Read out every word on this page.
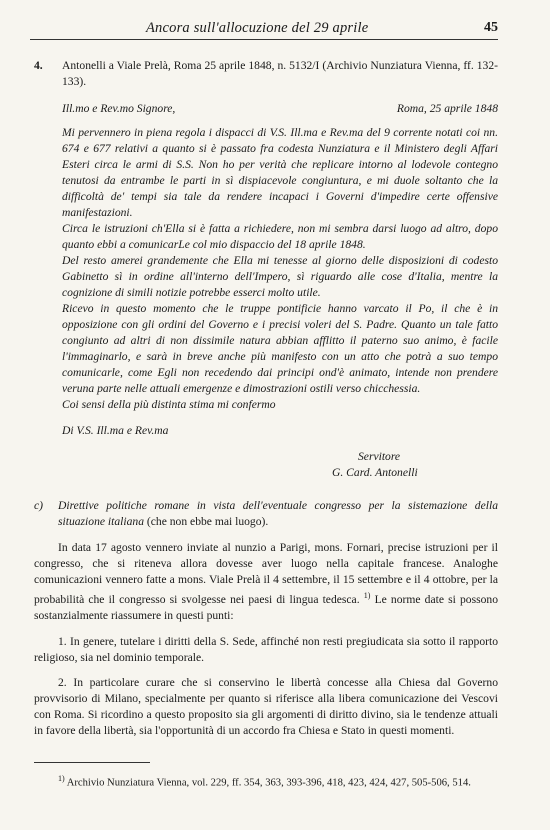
Ancora sull'allocuzione del 29 aprile	45
4. Antonelli a Viale Prelà, Roma 25 aprile 1848, n. 5132/I (Archivio Nunziatura Vienna, ff. 132-133).
Ill.mo e Rev.mo Signore,	Roma, 25 aprile 1848

Mi pervennero in piena regola i dispacci di V.S. Ill.ma e Rev.ma del 9 corrente notati coi nn. 674 e 677 relativi a quanto si è passato fra codesta Nunziatura e il Ministero degli Affari Esteri circa le armi di S.S. Non ho per verità che replicare intorno al lodevole contegno tenutosi da entrambe le parti in sì dispiacevole congiuntura, e mi duole soltanto che la difficoltà de' tempi sia tale da rendere incapaci i Governi d'impedire certe offensive manifestazioni.

Circa le istruzioni ch'Ella si è fatta a richiedere, non mi sembra darsi luogo ad altro, dopo quanto ebbi a comunicarLe col mio dispaccio del 18 aprile 1848.

Del resto amerei grandemente che Ella mi tenesse al giorno delle disposizioni di codesto Gabinetto sì in ordine all'interno dell'Impero, sì riguardo alle cose d'Italia, mentre la cognizione di simili notizie potrebbe esserci molto utile.

Ricevo in questo momento che le truppe pontificie hanno varcato il Po, il che è in opposizione con gli ordini del Governo e i precisi voleri del S. Padre. Quanto un tale fatto congiunto ad altri di non dissimile natura abbian afflitto il paterno suo animo, è facile l'immaginarlo, e sarà in breve anche più manifesto con un atto che potrà a suo tempo comunicarle, come Egli non recedendo dai principi ond'è animato, intende non prendere veruna parte nelle attuali emergenze e dimostrazioni ostili verso chicchessia.

Coi sensi della più distinta stima mi confermo

Di V.S. Ill.ma e Rev.ma
Servitore
G. Card. Antonelli
c) Direttive politiche romane in vista dell'eventuale congresso per la sistemazione della situazione italiana (che non ebbe mai luogo).

In data 17 agosto vennero inviate al nunzio a Parigi, mons. Fornari, precise istruzioni per il congresso, che si riteneva allora dovesse aver luogo nella capitale francese. Analoghe comunicazioni vennero fatte a mons. Viale Prelà il 4 settembre, il 15 settembre e il 4 ottobre, per la probabilità che il congresso si svolgesse nei paesi di lingua tedesca. $^{1)}$ Le norme date si possono sostanzialmente riassumere in questi punti:

1. In genere, tutelare i diritti della S. Sede, affinché non resti pregiudicata sia sotto il rapporto religioso, sia nel dominio temporale.

2. In particolare curare che si conservino le libertà concesse alla Chiesa dal Governo provvisorio di Milano, specialmente per quanto si riferisce alla libera comunicazione dei Vescovi con Roma. Si ricordino a questo proposito sia gli argomenti di diritto divino, sia le tendenze attuali in favore della libertà, sia l'opportunità di un accordo fra Chiesa e Stato in questi momenti.

$^{1)}$ Archivio Nunziatura Vienna, vol. 229, ff. 354, 363, 393-396, 418, 423, 424, 427, 505-506, 514.
